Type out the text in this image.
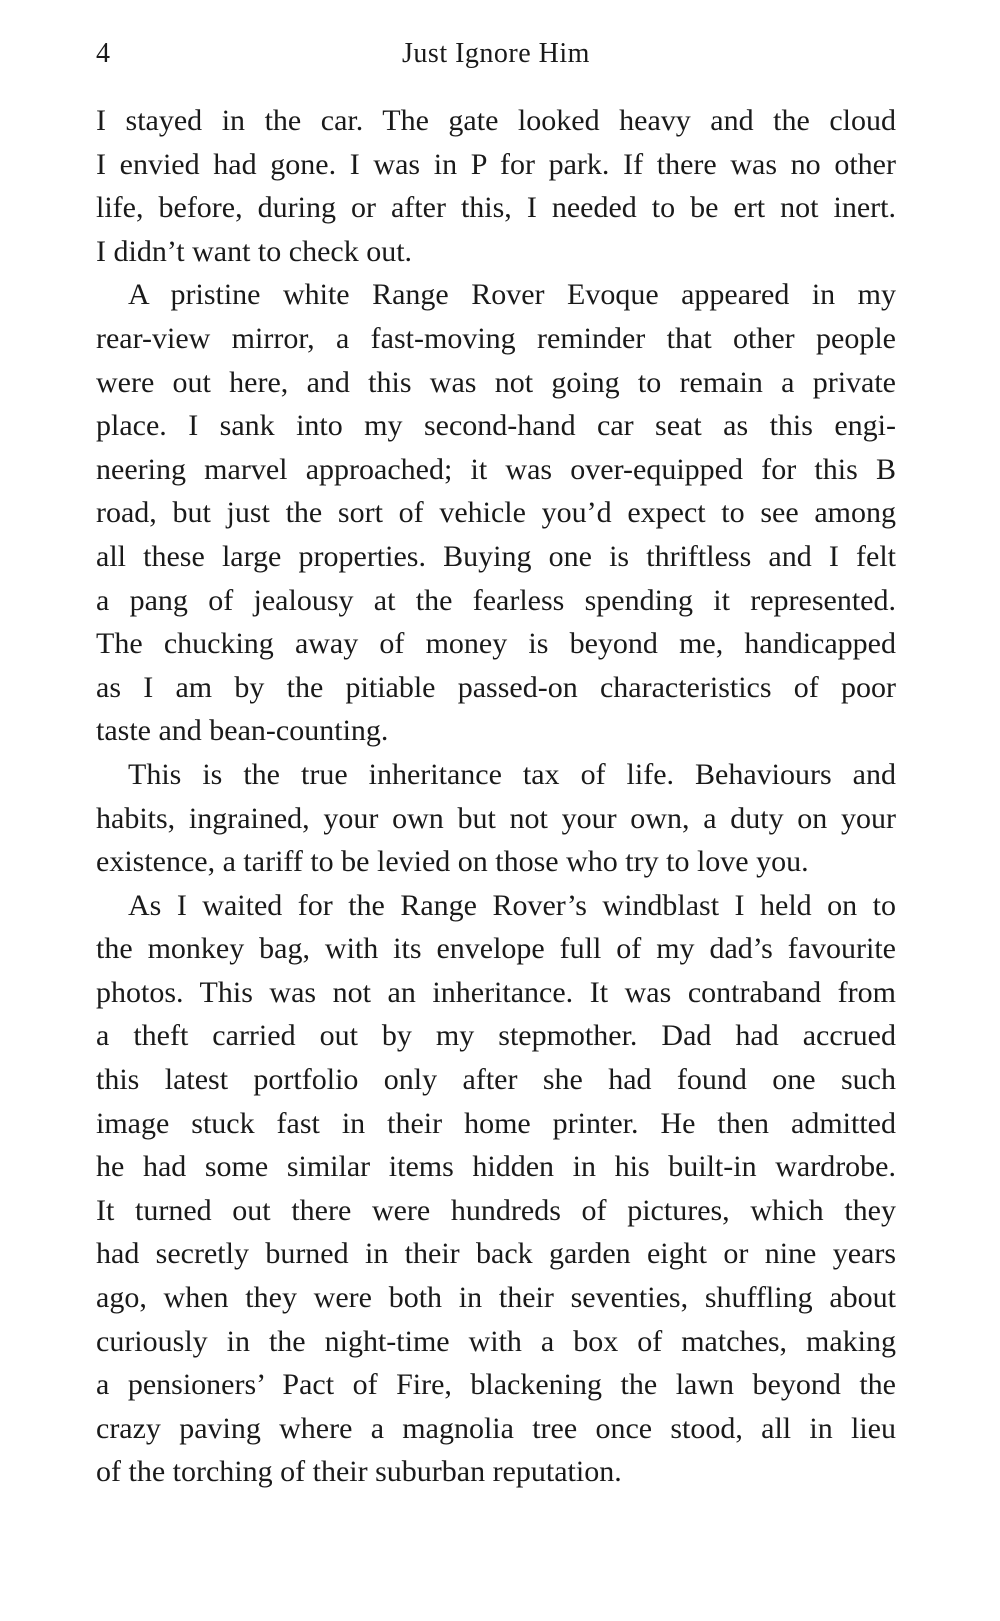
4	Just Ignore Him
I stayed in the car. The gate looked heavy and the cloud
I envied had gone. I was in P for park. If there was no other
life, before, during or after this, I needed to be ert not inert.
I didn’t want to check out.
A pristine white Range Rover Evoque appeared in my
rear-view mirror, a fast-moving reminder that other people
were out here, and this was not going to remain a private
place. I sank into my second-hand car seat as this engi-
neering marvel approached; it was over-equipped for this B
road, but just the sort of vehicle you’d expect to see among
all these large properties. Buying one is thriftless and I felt
a pang of jealousy at the fearless spending it represented.
The chucking away of money is beyond me, handicapped
as I am by the pitiable passed-on characteristics of poor
taste and bean-counting.
This is the true inheritance tax of life. Behaviours and
habits, ingrained, your own but not your own, a duty on your
existence, a tariff to be levied on those who try to love you.
As I waited for the Range Rover’s windblast I held on to
the monkey bag, with its envelope full of my dad’s favourite
photos. This was not an inheritance. It was contraband from
a theft carried out by my stepmother. Dad had accrued
this latest portfolio only after she had found one such
image stuck fast in their home printer. He then admitted
he had some similar items hidden in his built-in wardrobe.
It turned out there were hundreds of pictures, which they
had secretly burned in their back garden eight or nine years
ago, when they were both in their seventies, shuffling about
curiously in the night-time with a box of matches, making
a pensioners’ Pact of Fire, blackening the lawn beyond the
crazy paving where a magnolia tree once stood, all in lieu
of the torching of their suburban reputation.
